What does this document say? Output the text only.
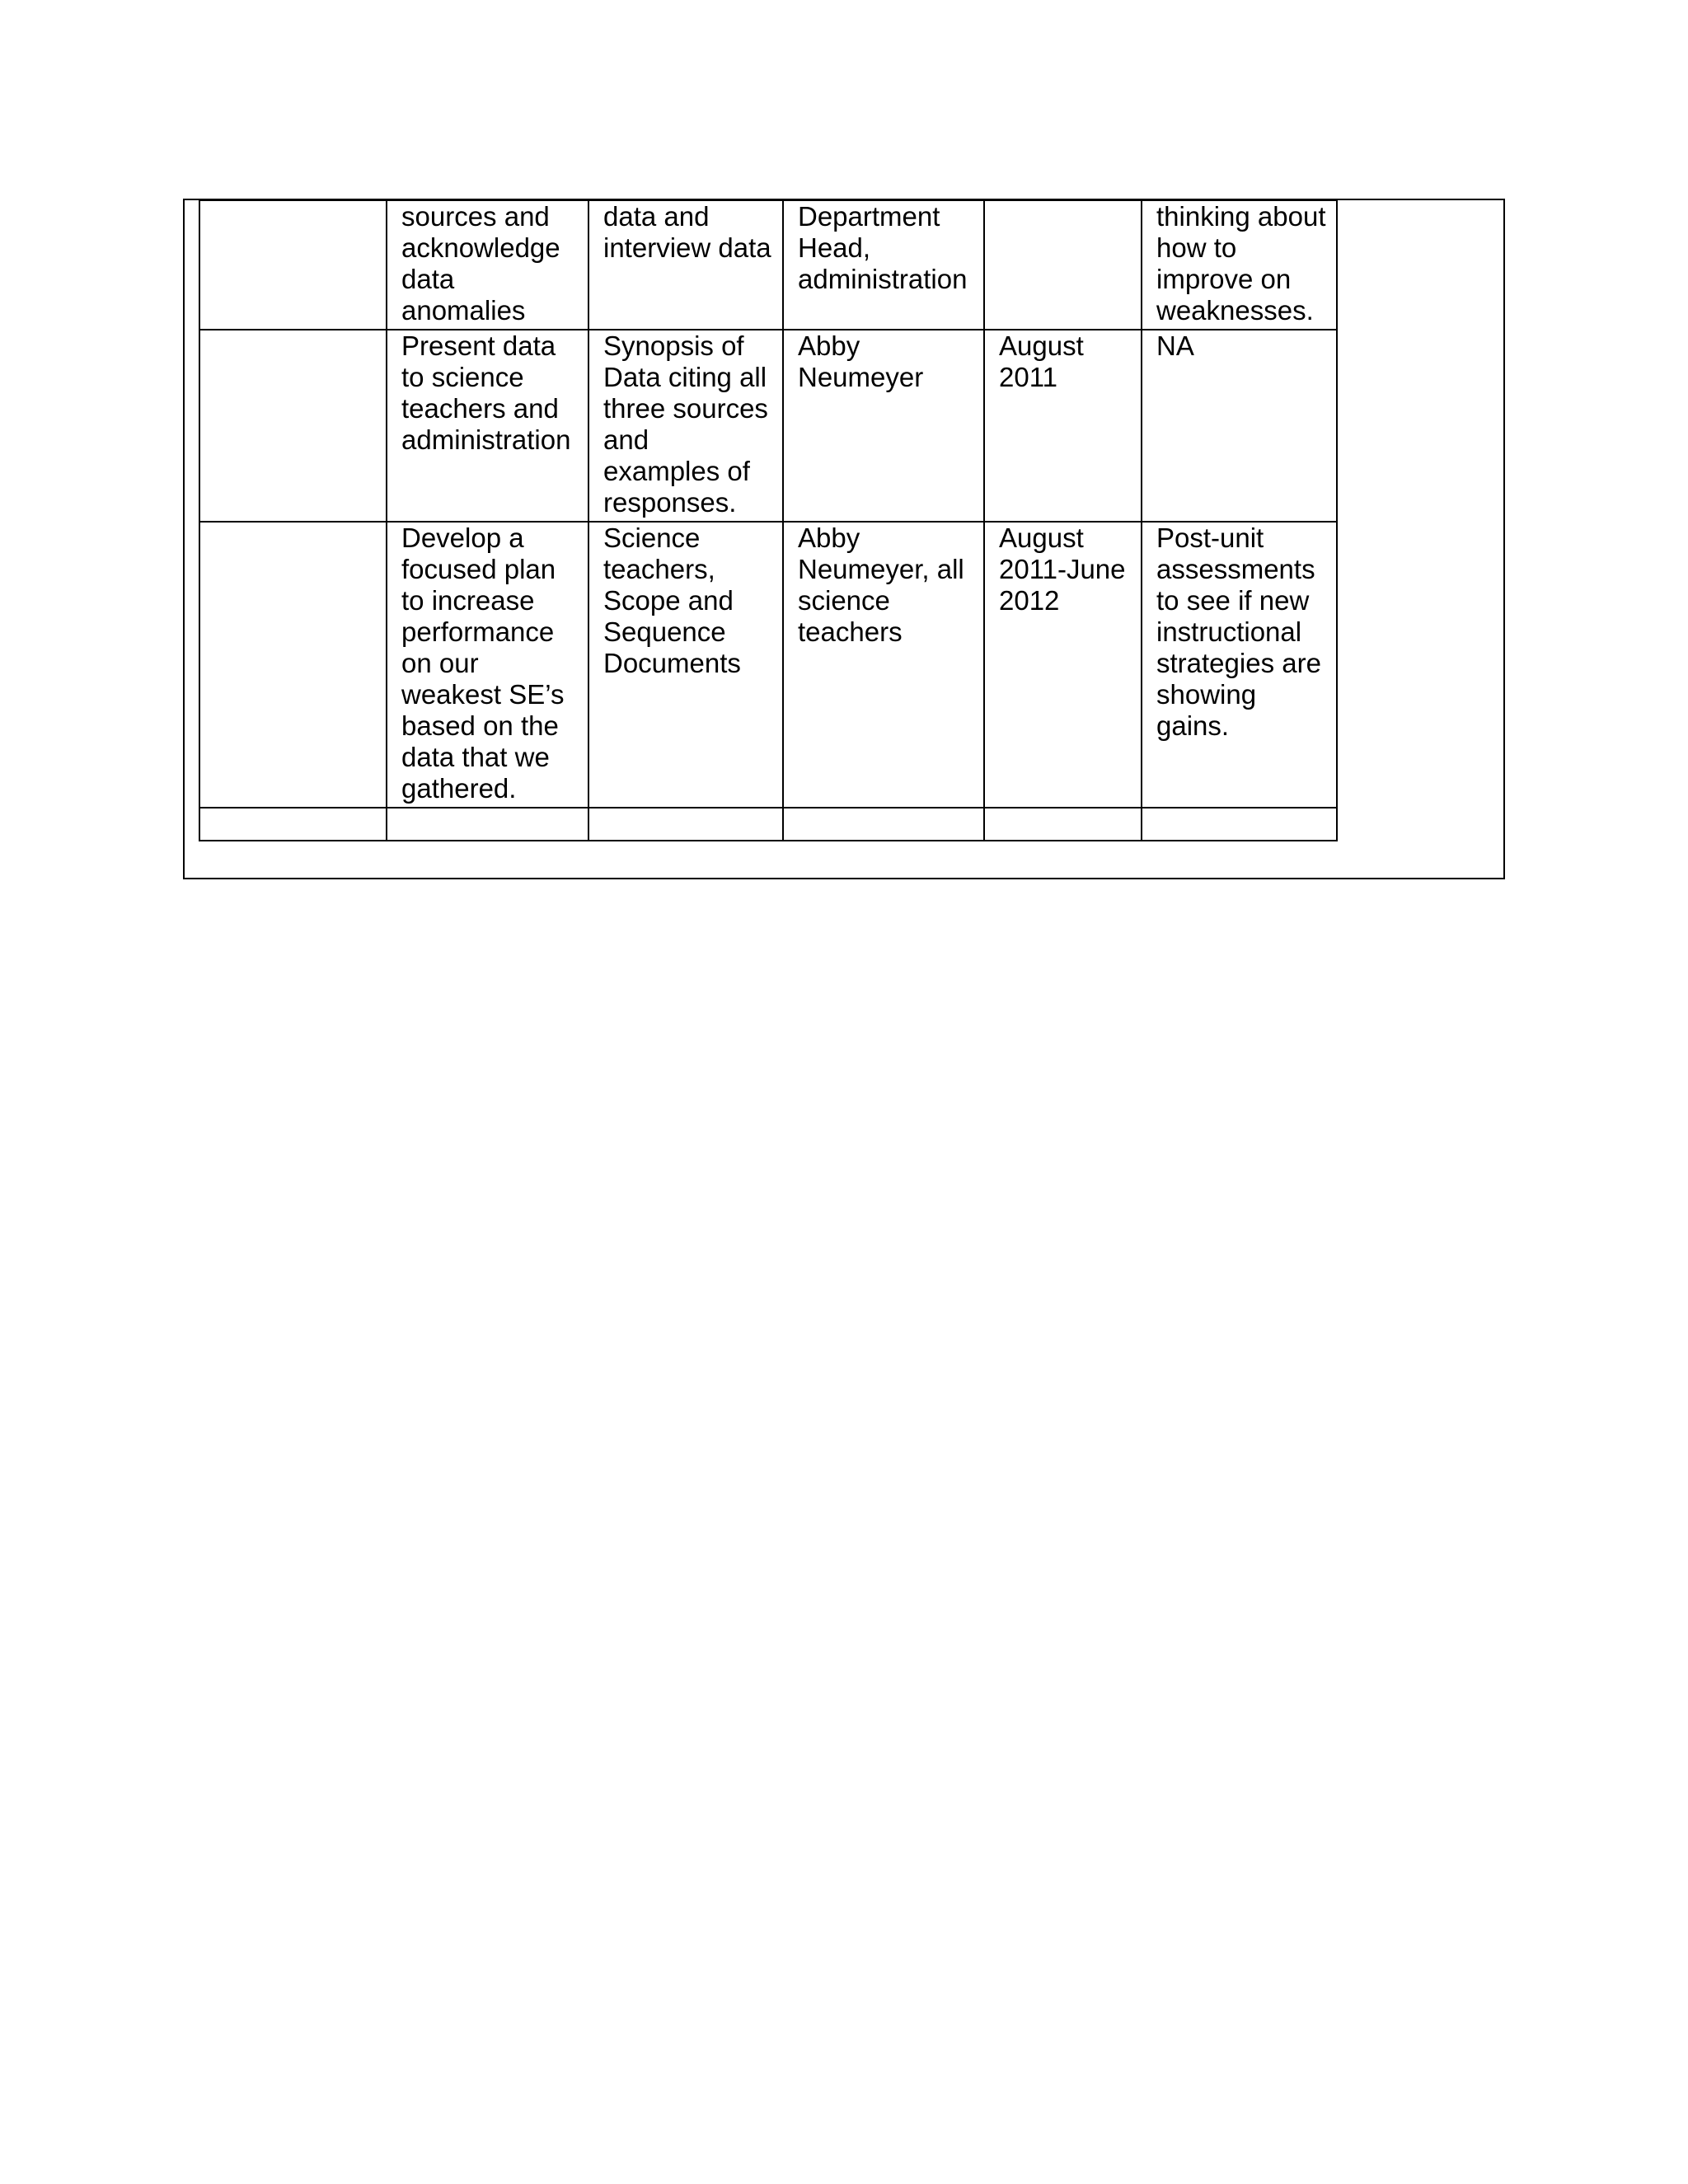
	sources and acknowledge data anomalies	data and interview data	Department Head, administration		thinking about how to improve on weaknesses.
	Present data to science teachers and administration	Synopsis of Data citing all three sources and examples of responses.	Abby Neumeyer	August 2011	NA
	Develop a focused plan to increase performance on our weakest SE’s based on the data that we gathered.	Science teachers, Scope and Sequence Documents	Abby Neumeyer, all science teachers	August 2011-June 2012	Post-unit assessments to see if new instructional strategies are showing gains.
